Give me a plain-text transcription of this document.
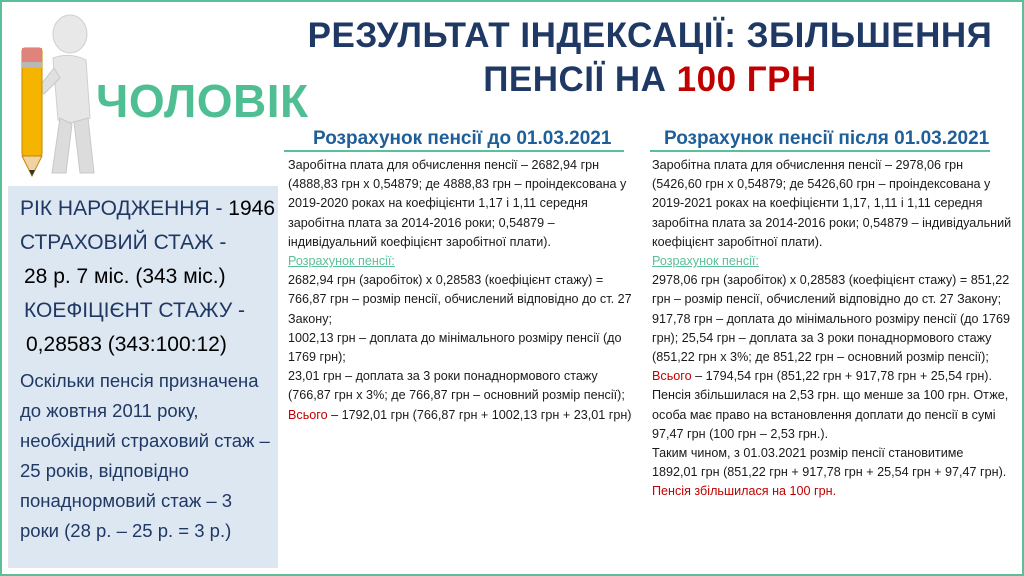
РЕЗУЛЬТАТ ІНДЕКСАЦІЇ: ЗБІЛЬШЕННЯ
ПЕНСІЇ НА 100 ГРН
ЧОЛОВІК
РІК НАРОДЖЕННЯ - 1946
СТРАХОВИЙ СТАЖ -
28 р. 7 міс. (343 міс.)
КОЕФІЦІЄНТ СТАЖУ -
0,28583 (343:100:12)
Оскільки пенсія призначена до жовтня 2011 року, необхідний страховий стаж – 25 років, відповідно понаднормовий стаж – 3 роки (28 р. – 25 р. = 3 р.)
Розрахунок пенсії до 01.03.2021	Розрахунок пенсії після 01.03.2021

Заробітна плата для обчислення пенсії – 2682,94 грн (4888,83 грн х 0,54879; де 4888,83 грн – проіндексована у 2019-2020 роках на коефіцієнти 1,17 і 1,11 середня заробітна плата за 2014-2016 роки; 0,54879 – індивідуальний коефіцієнт заробітної плати).

Розрахунок пенсії:

2682,94 грн (заробіток) х 0,28583 (коефіцієнт стажу) = 766,87 грн – розмір пенсії, обчислений відповідно до ст. 27 Закону;

1002,13 грн – доплата до мінімального розміру пенсії (до 1769 грн);

23,01 грн – доплата за 3 роки понаднормового стажу (766,87 грн х 3%; де 766,87 грн – основний розмір пенсії);

Всього – 1792,01 грн (766,87 грн + 1002,13 грн + 23,01 грн)

Заробітна плата для обчислення пенсії – 2978,06 грн (5426,60 грн х 0,54879; де 5426,60 грн – проіндексована у 2019-2021 роках на коефіцієнти 1,17, 1,11 і 1,11 середня заробітна плата за 2014-2016 роки; 0,54879 – індивідуальний коефіцієнт заробітної плати).

Розрахунок пенсії:

2978,06 грн (заробіток) х 0,28583 (коефіцієнт стажу) = 851,22 грн – розмір пенсії, обчислений відповідно до ст. 27 Закону; 917,78 грн – доплата до мінімального розміру пенсії (до 1769 грн); 25,54 грн – доплата за 3 роки понаднормового стажу (851,22 грн х 3%; де 851,22 грн – основний розмір пенсії);

Всього – 1794,54 грн (851,22 грн + 917,78 грн + 25,54 грн).

Пенсія збільшилася на 2,53 грн. що менше за 100 грн. Отже, особа має право на встановлення доплати до пенсії в сумі 97,47 грн (100 грн – 2,53 грн.).

Таким чином, з 01.03.2021 розмір пенсії становитиме 1892,01 грн (851,22 грн + 917,78 грн + 25,54 грн + 97,47 грн).

Пенсія збільшилася на 100 грн.
